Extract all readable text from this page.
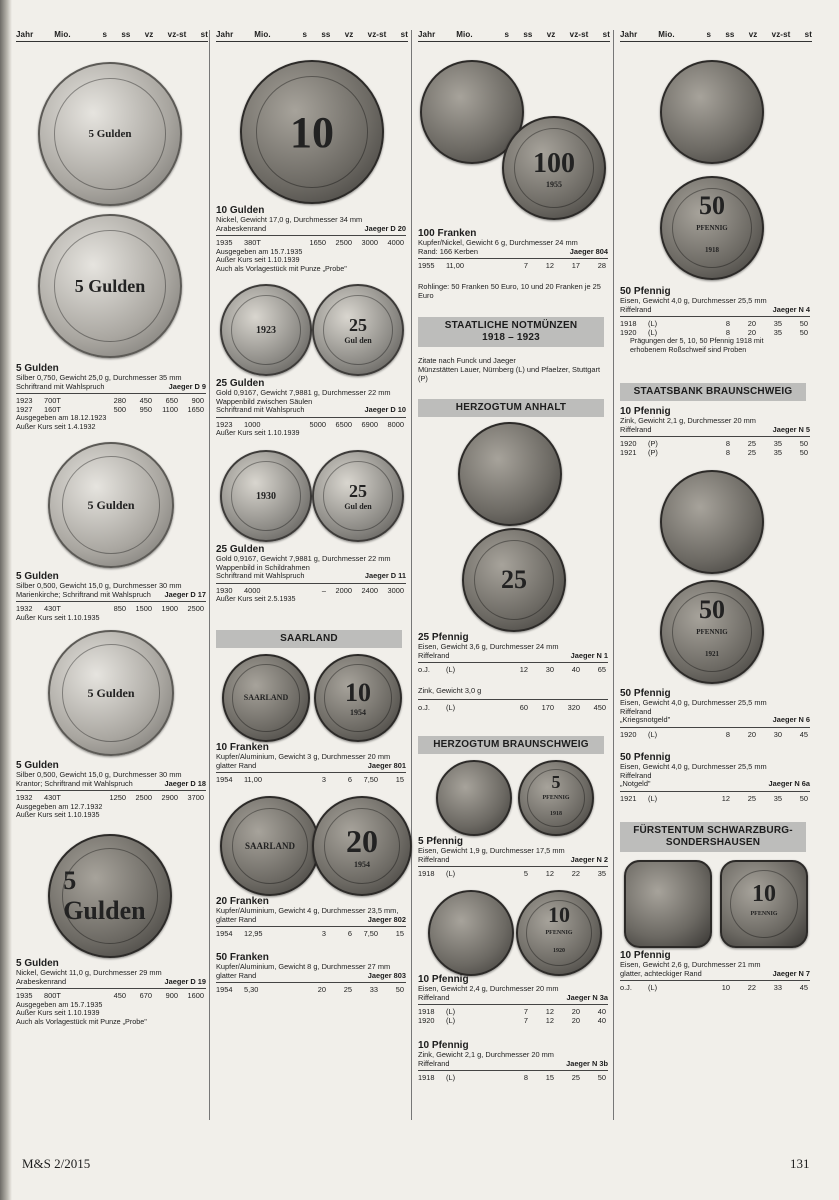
Jahr	Mio.	s ss vz vz-st st
5 Gulden
5 Gulden
5 Gulden
Silber 0,750, Gewicht 25,0 g, Durchmesser 35 mm
Schriftrand mit Wahlspruch	Jaeger D 9
1923	700T	280	450	650	900
1927	160T	500	950	1100	1650
Ausgegeben am 18.12.1923
Außer Kurs seit 1.4.1932
5 Gulden
5 Gulden
Silber 0,500, Gewicht 15,0 g, Durchmesser 30 mm
Marienkirche; Schriftrand mit Wahlspruch	Jaeger D 17
1932	430T	850	1500	1900	2500
Außer Kurs seit 1.10.1935
5 Gulden
5 Gulden
Silber 0,500, Gewicht 15,0 g, Durchmesser 30 mm
Krantor; Schriftrand mit Wahlspruch	Jaeger D 18
1932	430T	1250	2500	2900	3700
Ausgegeben am 12.7.1932
Außer Kurs seit 1.10.1935
5 Gulden
5 Gulden
Nickel, Gewicht 11,0 g, Durchmesser 29 mm
Arabeskenrand	Jaeger D 19
1935	800T	450	670	900	1600
Ausgegeben am 15.7.1935
Außer Kurs seit 1.10.1939
Auch als Vorlagestück mit Punze „Probe"
Jahr	Mio.	s ss vz vz-st st
10
10 Gulden
Nickel, Gewicht 17,0 g, Durchmesser 34 mm
Arabeskenrand	Jaeger D 20
1935	380T	1650	2500	3000	4000
Ausgegeben am 15.7.1935
Außer Kurs seit 1.10.1939
Auch als Vorlagestück mit Punze „Probe"
1923	25
Gul den
25 Gulden
Gold 0,9167, Gewicht 7,9881 g, Durchmesser 22 mm
Wappenbild zwischen Säulen
Schriftrand mit Wahlspruch	Jaeger D 10
1923	1000	5000	6500	6900	8000
Außer Kurs seit 1.10.1939
1930	25
Gul den
25 Gulden
Gold 0,9167, Gewicht 7,9881 g, Durchmesser 22 mm
Wappenbild in Schildrahmen
Schriftrand mit Wahlspruch	Jaeger D 11
1930	4000	–	2000	2400	3000
Außer Kurs seit 2.5.1935
SAARLAND
SAARLAND	10
1954
10 Franken
Kupfer/Aluminium, Gewicht 3 g, Durchmesser 20 mm
glatter Rand	Jaeger 801
1954	11,00	3	6	7,50	15
SAARLAND	20
1954
20 Franken
Kupfer/Aluminium, Gewicht 4 g, Durchmesser 23,5 mm,
glatter Rand	Jaeger 802
1954	12,95	3	6	7,50	15
50 Franken
Kupfer/Aluminium, Gewicht 8 g, Durchmesser 27 mm
glatter Rand	Jaeger 803
1954	5,30	20	25	33	50
Jahr	Mio.	s ss vz vz-st st
100
1955
100 Franken
Kupfer/Nickel, Gewicht 6 g, Durchmesser 24 mm
Rand: 166 Kerben	Jaeger 804
1955	11,00	7	12	17	28
Rohlinge: 50 Franken 50 Euro, 10 und 20 Franken je 25 Euro
STAATLICHE NOTMÜNZEN
1918 – 1923
Zitate nach Funck und Jaeger
Münzstätten Lauer, Nürnberg (L) und Pfaelzer, Stuttgart (P)
HERZOGTUM ANHALT
25
25 Pfennig
Eisen, Gewicht 3,6 g, Durchmesser 24 mm
Riffelrand	Jaeger N 1
o.J.	(L)	12	30	40	65
Zink, Gewicht 3,0 g
o.J.	(L)	60	170	320	450
HERZOGTUM BRAUNSCHWEIG
5
PFENNIG
1918
5 Pfennig
Eisen, Gewicht 1,9 g, Durchmesser 17,5 mm
Riffelrand	Jaeger N 2
1918	(L)	5	12	22	35
10
PFENNIG
1920
10 Pfennig
Eisen, Gewicht 2,4 g, Durchmesser 20 mm
Riffelrand	Jaeger N 3a
1918	(L)	7	12	20	40
1920	(L)	7	12	20	40
10 Pfennig
Zink, Gewicht 2,1 g, Durchmesser 20 mm
Riffelrand	Jaeger N 3b
1918	(L)	8	15	25	50
Jahr	Mio.	s ss vz vz-st st
50
PFENNIG
1918
50 Pfennig
Eisen, Gewicht 4,0 g, Durchmesser 25,5 mm
Riffelrand	Jaeger N 4
1918	(L)	8	20	35	50
1920	(L)	8	20	35	50
Prägungen der 5, 10, 50 Pfennig 1918 mit
erhobenem Roßschweif sind Proben
STAATSBANK BRAUNSCHWEIG
10 Pfennig
Zink, Gewicht 2,1 g, Durchmesser 20 mm
Riffelrand	Jaeger N 5
1920	(P)	8	25	35	50
1921	(P)	8	25	35	50
50
PFENNIG
1921
50 Pfennig
Eisen, Gewicht 4,0 g, Durchmesser 25,5 mm
Riffelrand
„Kriegsnotgeld"	Jaeger N 6
1920	(L)	8	20	30	45
50 Pfennig
Eisen, Gewicht 4,0 g, Durchmesser 25,5 mm
Riffelrand
„Notgeld"	Jaeger N 6a
1921	(L)	12	25	35	50
FÜRSTENTUM SCHWARZBURG-
SONDERSHAUSEN
10
PFENNIG
10 Pfennig
Eisen, Gewicht 2,6 g, Durchmesser 21 mm
glatter, achteckiger Rand	Jaeger N 7
o.J.	(L)	10	22	33	45
M&S 2/2015	131
